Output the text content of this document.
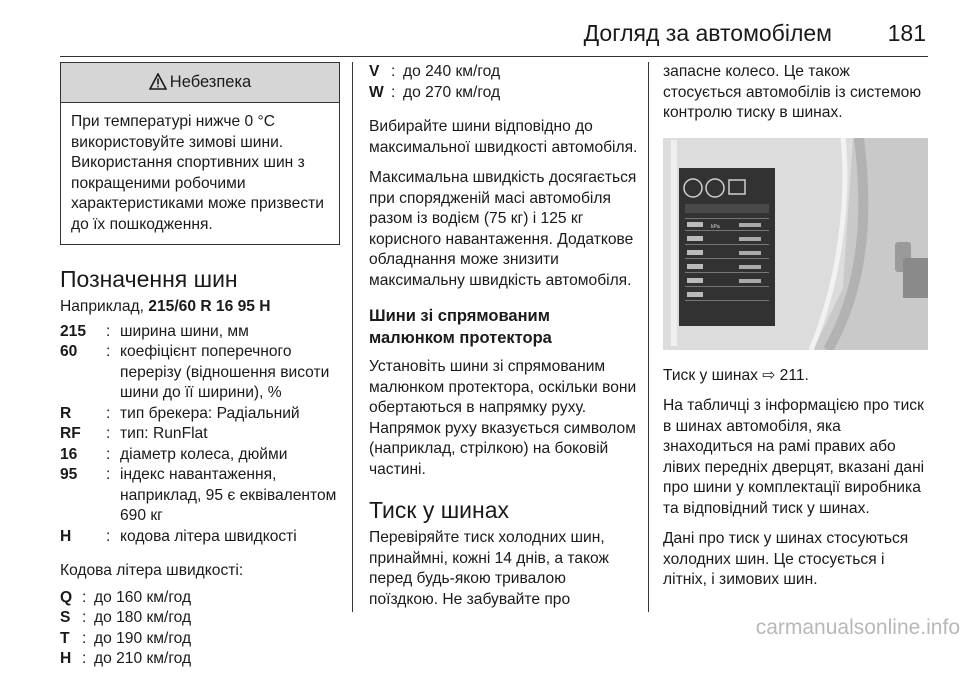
Догляд за автомобілем 181
Небезпека
При температурі нижче 0 °C використовуйте зимові шини. Використання спортивних шин з покращеними робочими характеристиками може призвести до їх пошкодження.
Позначення шин

Наприклад, 215/60 R 16 95 H

215	:	ширина шини, мм
60	:	коефіцієнт поперечного перерізу (відношення висоти шини до її ширини), %
R	:	тип брекера: Радіальний
RF	:	тип: RunFlat
16	:	діаметр колеса, дюйми
95	:	індекс навантаження, наприклад, 95 є еквівалентом 690 кг
H	:	кодова літера швидкості

Кодова літера швидкості:

Q	:	до 160 км/год
S	:	до 180 км/год
T	:	до 190 км/год
H	:	до 210 км/год
V	:	до 240 км/год
W	:	до 270 км/год

Вибирайте шини відповідно до максимальної швидкості автомобіля.

Максимальна швидкість досягається при спорядженій масі автомобіля разом із водієм (75 кг) і 125 кг корисного навантаження. Додаткове обладнання може знизити максимальну швидкість автомобіля.

Шини зі спрямованим малюнком протектора

Установіть шини зі спрямованим малюнком протектора, оскільки вони обертаються в напрямку руху. Напрямок руху вказується символом (наприклад, стрілкою) на боковій частині.

Тиск у шинах

Перевіряйте тиск холодних шин, принаймні, кожні 14 днів, а також перед будь-якою тривалою поїздкою. Не забувайте про

запасне колесо. Це також стосується автомобілів із системою контролю тиску в шинах.

kPa

Тиск у шинах ⇨ 211.

На табличці з інформацією про тиск в шинах автомобіля, яка знаходиться на рамі правих або лівих передніх дверцят, вказані дані про шини у комплектації виробника та відповідний тиск у шинах.

Дані про тиск у шинах стосуються холодних шин. Це стосується і літніх, і зимових шин.

carmanualsonline.info
